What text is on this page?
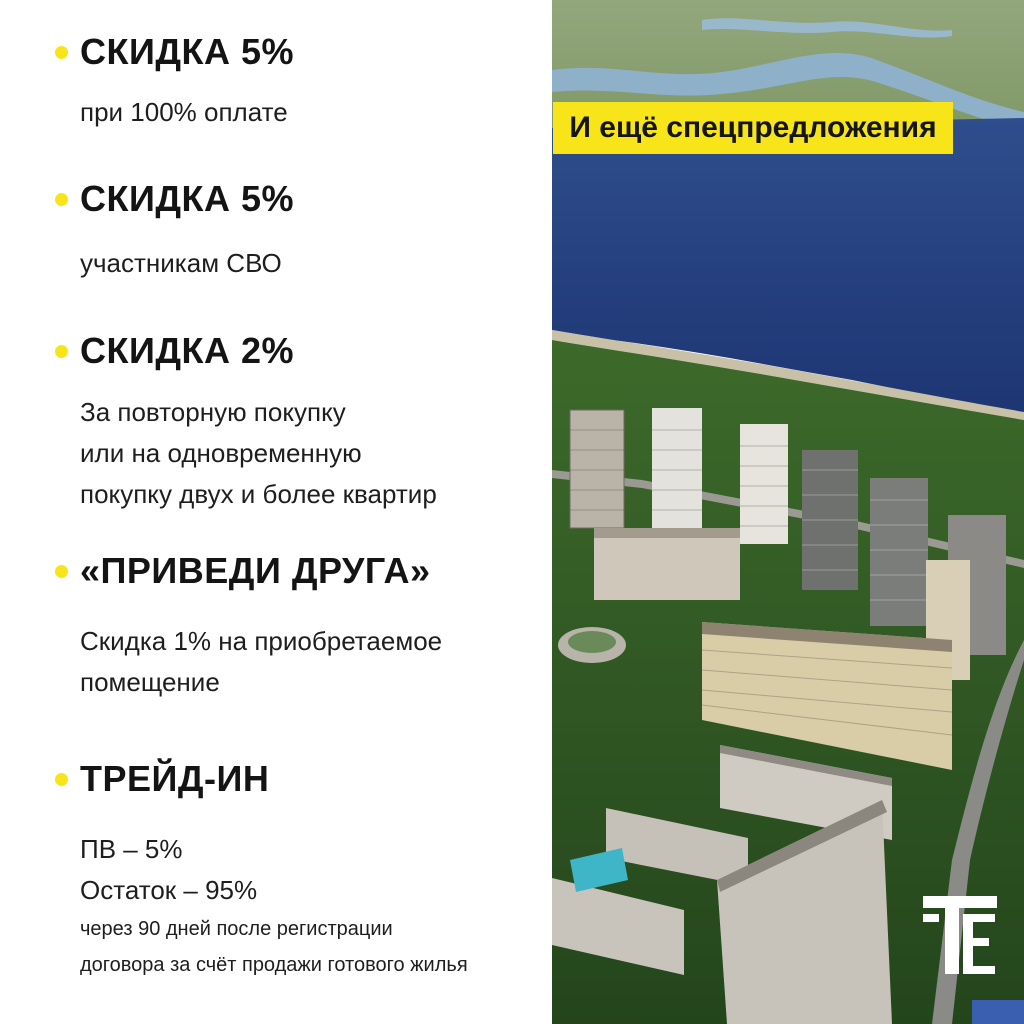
СКИДКА 5%
при 100% оплате
СКИДКА 5%
участникам СВО
СКИДКА 2%
За повторную покупку
или на одновременную
покупку двух и более квартир
«ПРИВЕДИ ДРУГА»
Скидка 1% на приобретаемое
помещение
ТРЕЙД-ИН
ПВ – 5%
Остаток – 95%
через 90 дней после регистрации
договора за счёт продажи готового жилья
И ещё спецпредложения
